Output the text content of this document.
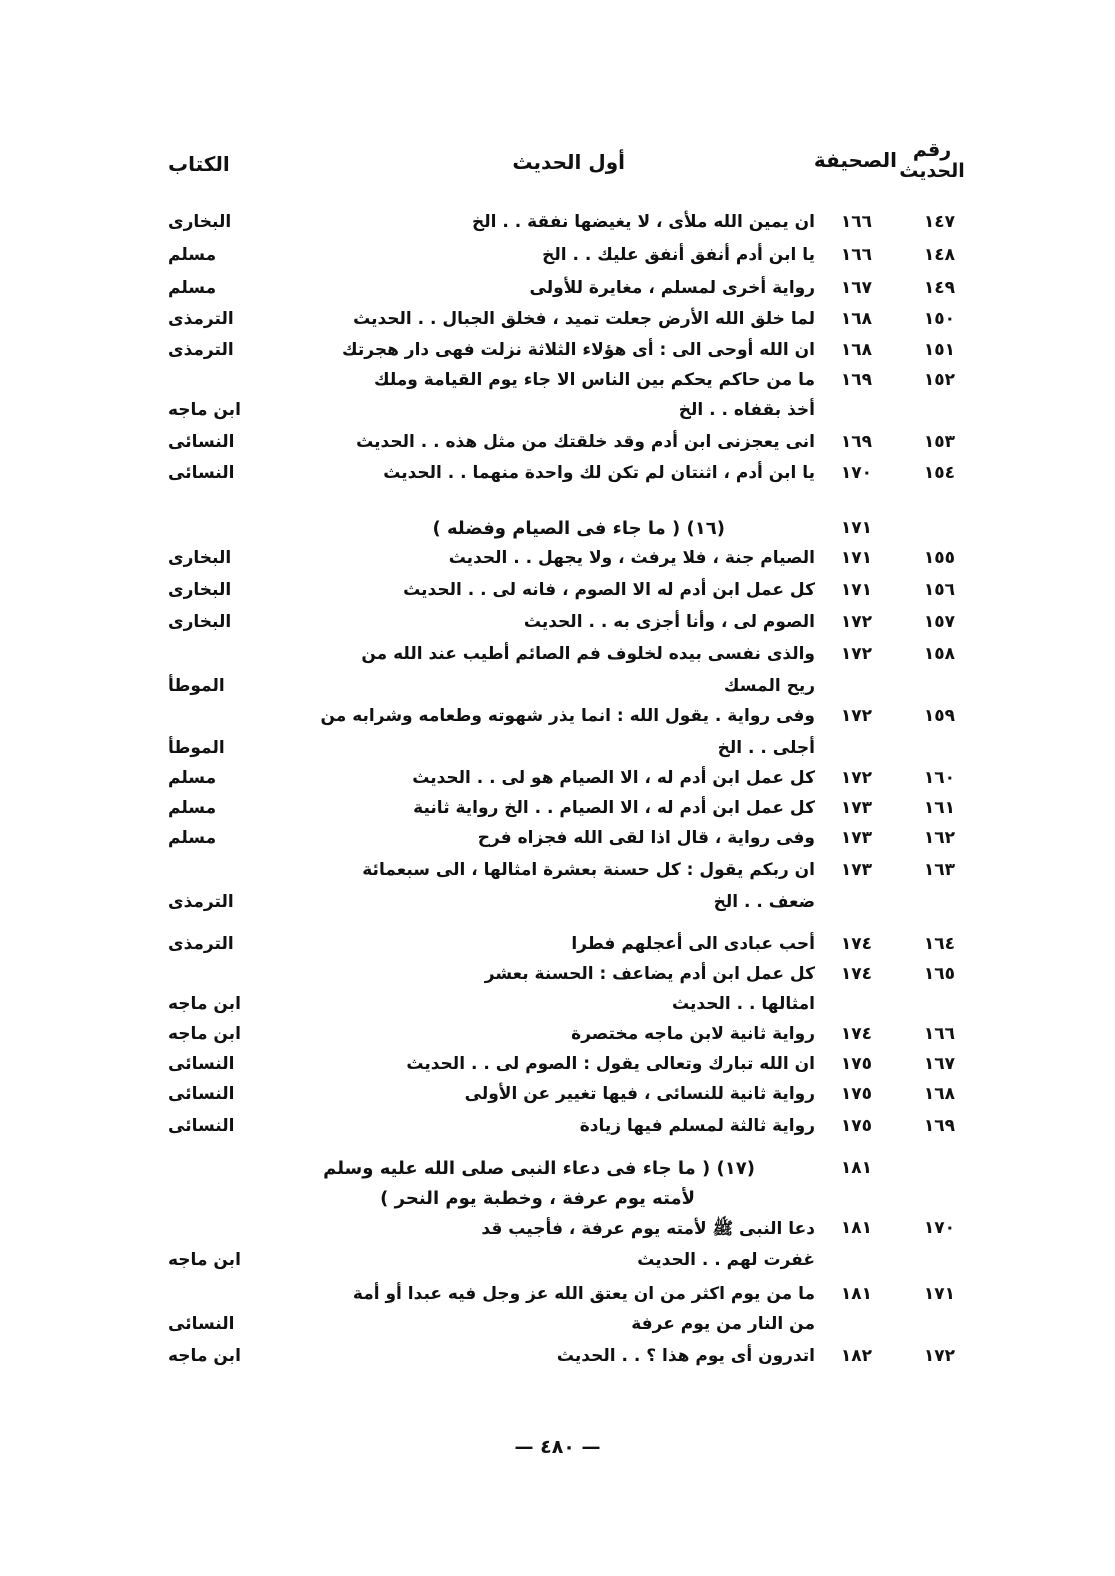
رقم الحديث
الصحيفة
أول الحديث
الكتاب
١٤٧
١٦٦
ان يمين الله ملأى ، لا يغيضها نفقة . . الخ
البخارى
١٤٨
١٦٦
يا ابن أدم أنفق أنفق عليك . . الخ
مسلم
١٤٩
١٦٧
رواية أخرى لمسلم ، مغايرة للأولى
مسلم
١٥٠
١٦٨
لما خلق الله الأرض جعلت تميد ، فخلق الجبال . . الحديث
الترمذى
١٥١
١٦٨
ان الله أوحى الى : أى هؤلاء الثلاثة نزلت فهى دار هجرتك
الترمذى
١٥٢
١٦٩
ما من حاكم يحكم بين الناس الا جاء يوم القيامة وملك
أخذ بقفاه . . الخ
ابن ماجه
١٥٣
١٦٩
انى يعجزنى ابن أدم وقد خلقتك من مثل هذه . . الحديث
النسائى
١٥٤
١٧٠
يا ابن أدم ، اثنتان لم تكن لك واحدة منهما . . الحديث
النسائى
١٥٥
١٧١
الصيام جنة ، فلا يرفث ، ولا يجهل . . الحديث
البخارى
١٥٦
١٧١
كل عمل ابن أدم له الا الصوم ، فانه لى . . الحديث
البخارى
١٥٧
١٧٢
الصوم لى ، وأنا أجزى به . . الحديث
البخارى
١٥٨
١٧٢
والذى نفسى بيده لخلوف فم الصائم أطيب عند الله من
ريح المسك
الموطأ
١٥٩
١٧٢
وفى رواية . يقول الله : انما يذر شهوته وطعامه وشرابه من
أجلى . . الخ
الموطأ
١٦٠
١٧٢
كل عمل ابن أدم له ، الا الصيام هو لى . . الحديث
مسلم
١٦١
١٧٣
كل عمل ابن أدم له ، الا الصيام . . الخ رواية ثانية
مسلم
١٦٢
١٧٣
وفى رواية ، قال اذا لقى الله فجزاه فرح
مسلم
١٦٣
١٧٣
ان ربكم يقول : كل حسنة بعشرة امثالها ، الى سبعمائة
ضعف . . الخ
الترمذى
١٦٤
١٧٤
أحب عبادى الى أعجلهم فطرا
الترمذى
١٦٥
١٧٤
كل عمل ابن أدم يضاعف : الحسنة بعشر
امثالها . . الحديث
ابن ماجه
١٦٦
١٧٤
رواية ثانية لابن ماجه مختصرة
ابن ماجه
١٦٧
١٧٥
ان الله تبارك وتعالى يقول : الصوم لى . . الحديث
النسائى
١٦٨
١٧٥
رواية ثانية للنسائى ، فيها تغيير عن الأولى
النسائى
١٦٩
١٧٥
رواية ثالثة لمسلم فيها زيادة
النسائى
١٧٠
١٨١
دعا النبى ﷺ لأمته يوم عرفة ، فأجيب قد
غفرت لهم . . الحديث
ابن ماجه
١٧١
١٨١
ما من يوم اكثر من ان يعتق الله عز وجل فيه عبدا أو أمة
من النار من يوم عرفة
النسائى
١٧٢
١٨٢
اتدرون أى يوم هذا ؟ . . الحديث
ابن ماجه
١٧١
(١٦) ( ما جاء فى الصيام وفضله )
١٨١
(١٧) ( ما جاء فى دعاء النبى صلى الله عليه وسلم
لأمته يوم عرفة ، وخطبة يوم النحر )
— ٤٨٠ —
